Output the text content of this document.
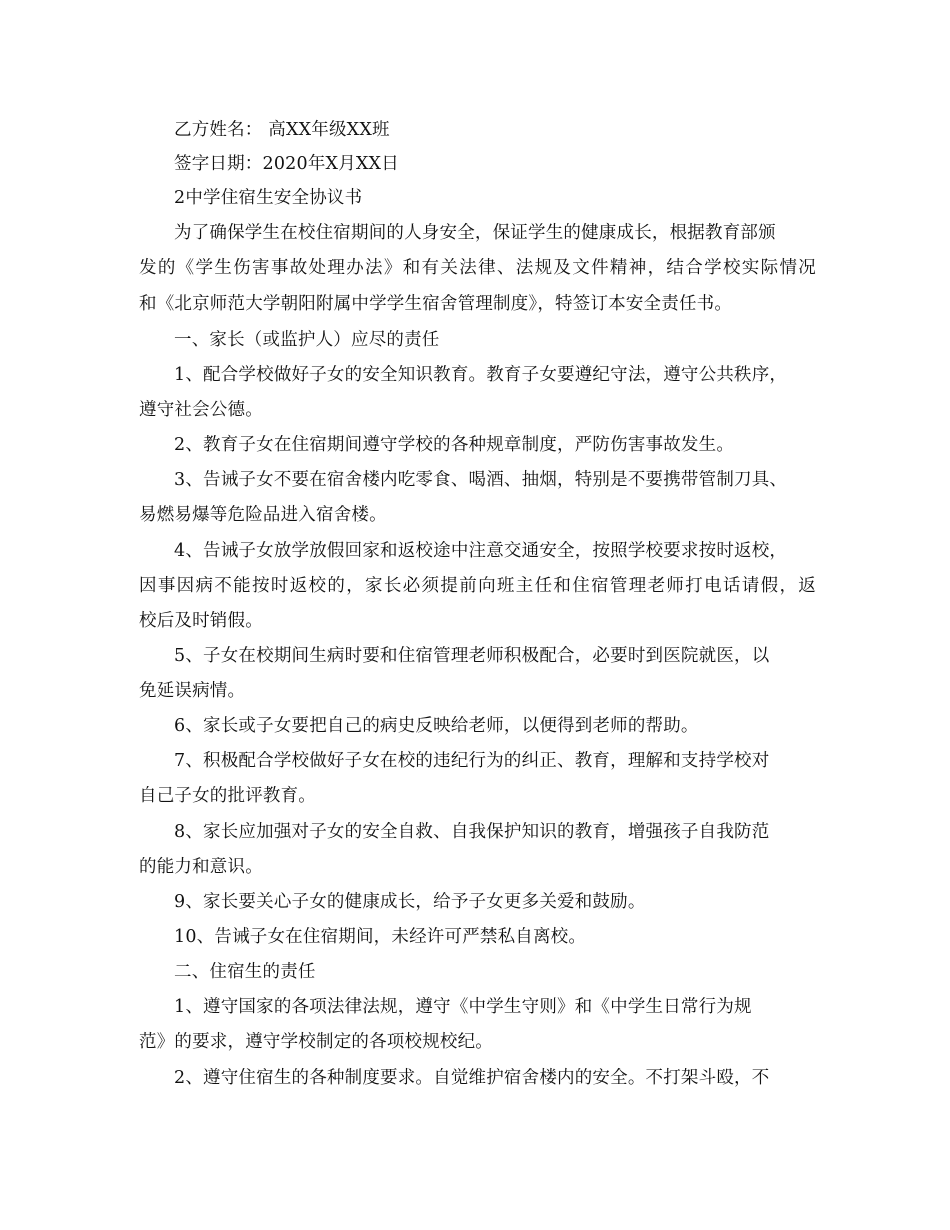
乙方姓名： 高XX年级XX班
签字日期：2020年X月XX日
2中学住宿生安全协议书
为了确保学生在校住宿期间的人身安全，保证学生的健康成长，根据教育部颁
发的《学生伤害事故处理办法》和有关法律、法规及文件精神，结合学校实际情况
和《北京师范大学朝阳附属中学学生宿舍管理制度》，特签订本安全责任书。
一、家长（或监护人）应尽的责任
1、配合学校做好子女的安全知识教育。教育子女要遵纪守法，遵守公共秩序，
遵守社会公德。
2、教育子女在住宿期间遵守学校的各种规章制度，严防伤害事故发生。
3、告诫子女不要在宿舍楼内吃零食、喝酒、抽烟，特别是不要携带管制刀具、
易燃易爆等危险品进入宿舍楼。
4、告诫子女放学放假回家和返校途中注意交通安全，按照学校要求按时返校，
因事因病不能按时返校的，家长必须提前向班主任和住宿管理老师打电话请假，返
校后及时销假。
5、子女在校期间生病时要和住宿管理老师积极配合，必要时到医院就医，以
免延误病情。
6、家长或子女要把自己的病史反映给老师，以便得到老师的帮助。
7、积极配合学校做好子女在校的违纪行为的纠正、教育，理解和支持学校对
自己子女的批评教育。
8、家长应加强对子女的安全自救、自我保护知识的教育，增强孩子自我防范
的能力和意识。
9、家长要关心子女的健康成长，给予子女更多关爱和鼓励。
10、告诫子女在住宿期间，未经许可严禁私自离校。
二、住宿生的责任
1、遵守国家的各项法律法规，遵守《中学生守则》和《中学生日常行为规
范》的要求，遵守学校制定的各项校规校纪。
2、遵守住宿生的各种制度要求。自觉维护宿舍楼内的安全。不打架斗殴，不
